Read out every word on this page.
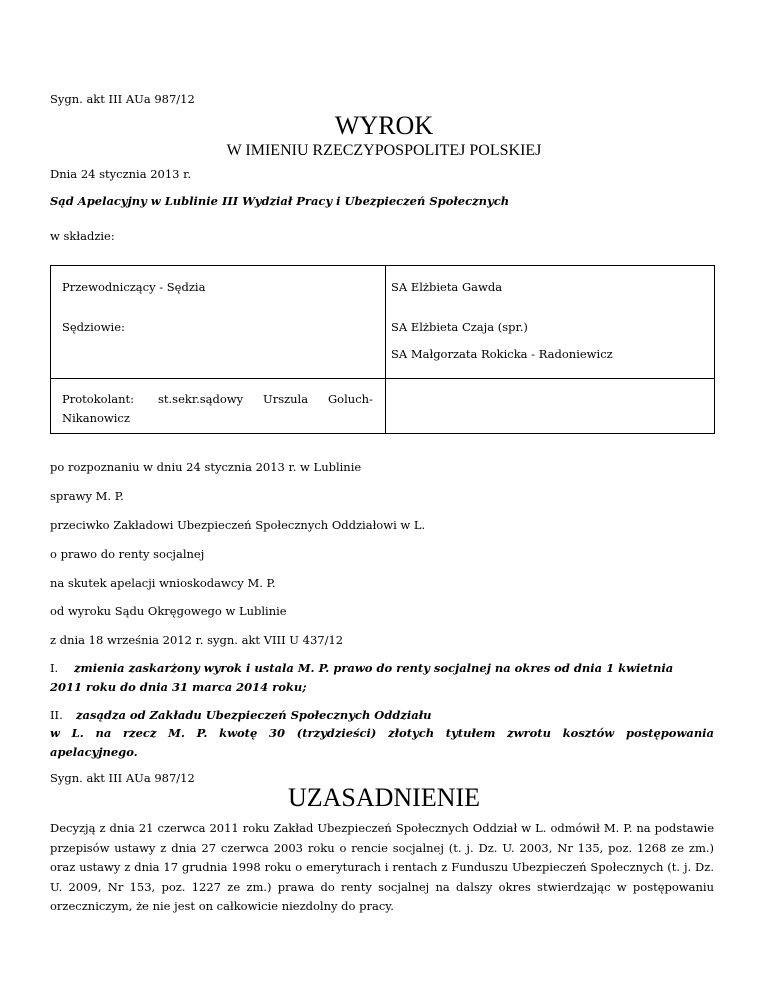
Sygn. akt III AUa 987/12
WYROK
W IMIENIU RZECZYPOSPOLITEJ POLSKIEJ
Dnia 24 stycznia 2013 r.
Sąd Apelacyjny w Lublinie III Wydział Pracy i Ubezpieczeń Społecznych
w składzie:
Przewodniczący - Sędzia	SA Elżbieta Gawda
Sędziowie:	SA Elżbieta Czaja (spr.)
SA Małgorzata Rokicka - Radoniewicz
Protokolant: st.sekr.sądowy Urszula Goluch-
Nikanowicz
po rozpoznaniu w dniu 24 stycznia 2013 r. w Lublinie
sprawy M. P.
przeciwko Zakładowi Ubezpieczeń Społecznych Oddziałowi w L.
o prawo do renty socjalnej
na skutek apelacji wnioskodawcy M. P.
od wyroku Sądu Okręgowego w Lublinie
z dnia 18 września 2012 r. sygn. akt VIII U 437/12
I. zmienia zaskarżony wyrok i ustala M. P. prawo do renty socjalnej na okres od dnia 1 kwietnia
2011 roku do dnia 31 marca 2014 roku;
II. zasądza od Zakładu Ubezpieczeń Społecznych Oddziału
w L. na rzecz M. P. kwotę 30 (trzydzieści) złotych tytułem zwrotu kosztów postępowania
apelacyjnego.
Sygn. akt III AUa 987/12
UZASADNIENIE
Decyzją z dnia 21 czerwca 2011 roku Zakład Ubezpieczeń Społecznych Oddział w L. odmówił M. P. na podstawie przepisów ustawy z dnia 27 czerwca 2003 roku o rencie socjalnej (t. j. Dz. U. 2003, Nr 135, poz. 1268 ze zm.) oraz ustawy z dnia 17 grudnia 1998 roku o emeryturach i rentach z Funduszu Ubezpieczeń Społecznych (t. j. Dz. U. 2009, Nr 153, poz. 1227 ze zm.) prawa do renty socjalnej na dalszy okres stwierdzając w postępowaniu orzeczniczym, że nie jest on całkowicie niezdolny do pracy.
